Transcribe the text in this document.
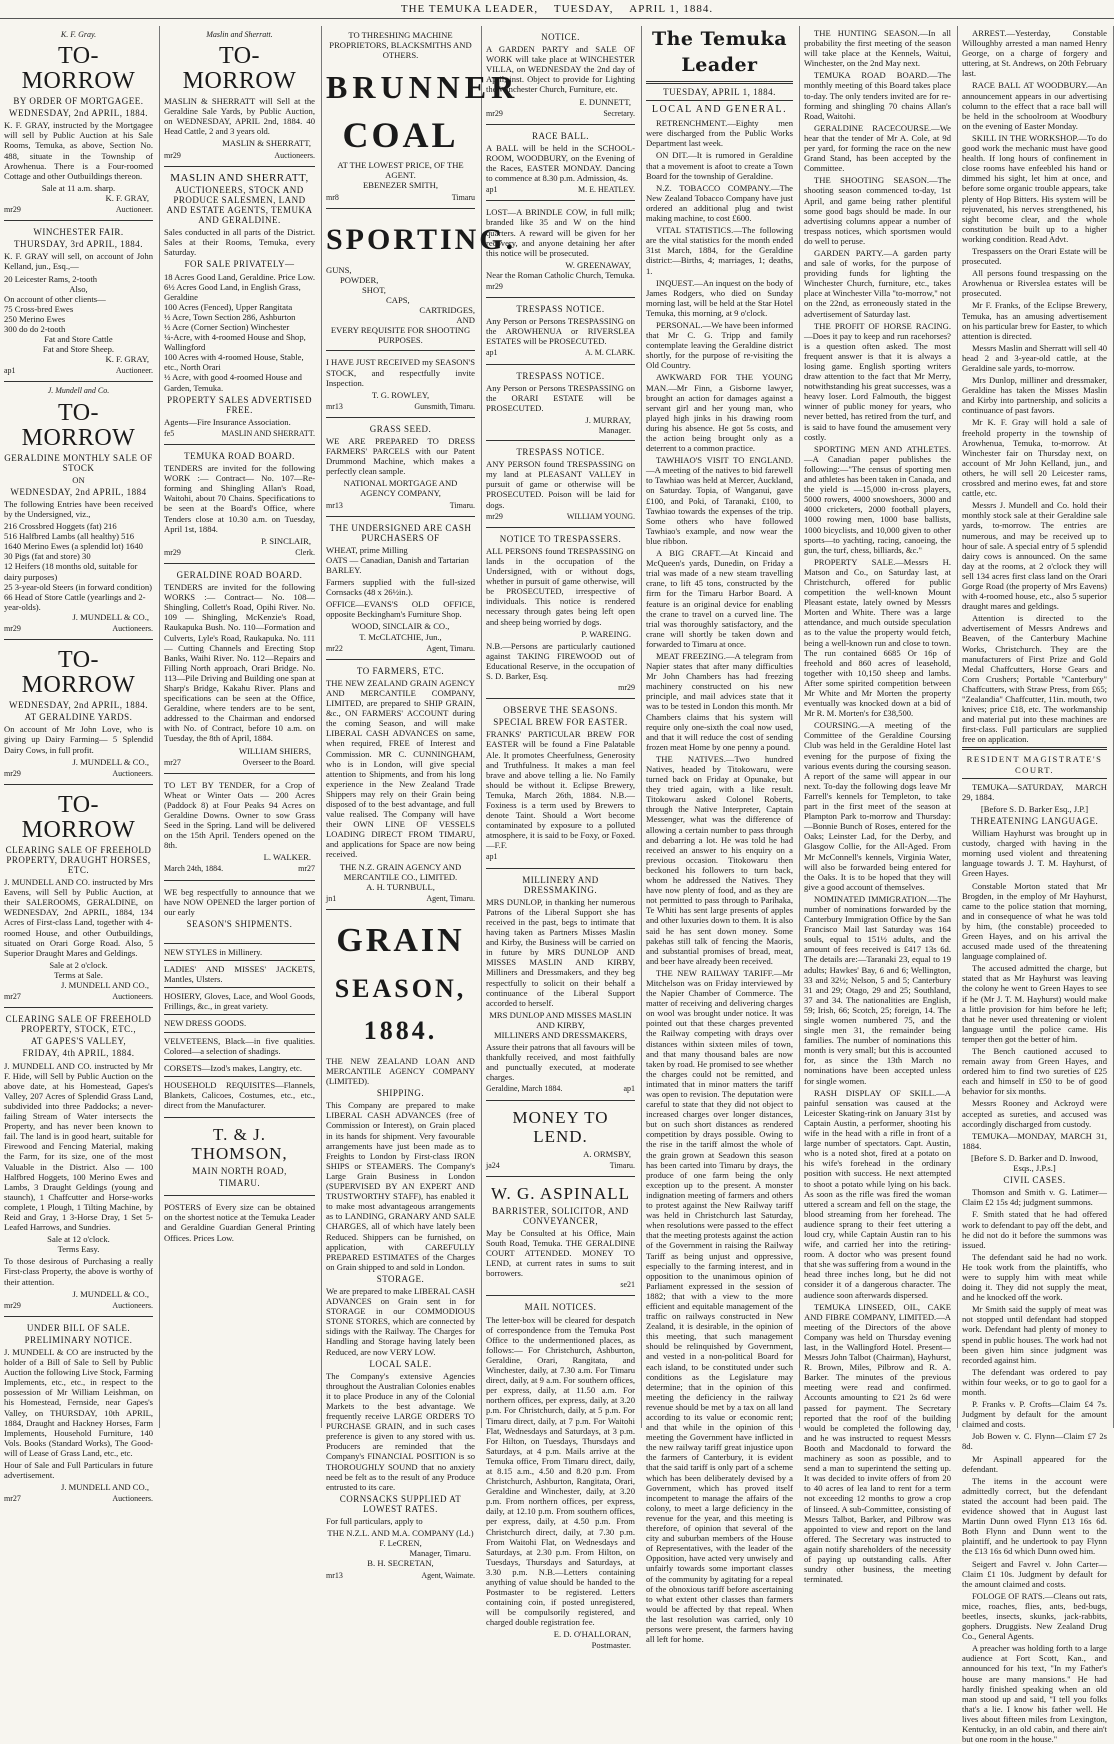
THE TEMUKA LEADER, TUESDAY, APRIL 1, 1884.
K. F. Gray.
TO-MORROW
BY ORDER OF MORTGAGEE.
WEDNESDAY, 2nd APRIL, 1884.

K. F. GRAY, instructed by the Mortgagee will sell by Public Auction at his Sale Rooms, Temuka, as above, Section No. 488, situate in the Township of Arowhenua. There is a Four-roomed Cottage and other Outbuildings thereon.

Sale at 11 a.m. sharp.
K. F. GRAY,
mr29	Auctioneer.
WINCHESTER FAIR.
THURSDAY, 3rd APRIL, 1884.

K. F. GRAY will sell, on account of John Kelland, jun., Esq.,—

20 Leicester Rams, 2-tooth
Also,
On account of other clients—
75 Cross-bred Ewes
250 Merino Ewes
300 do do 2-tooth
Fat and Store Cattle
Fat and Store Sheep.
K. F. GRAY,
ap1	Auctioneer.
J. Mundell and Co.
TO-MORROW
GERALDINE MONTHLY SALE OF STOCK
ON
WEDNESDAY, 2nd APRIL, 1884

The following Entries have been received by the Undersigned, viz.,

216 Crossbred Hoggets (fat) 216
516 Halfbred Lambs (all healthy) 516
1640 Merino Ewes (a splendid lot) 1640
30 Pigs (fat and store) 30
12 Heifers (18 months old, suitable for dairy purposes)
25 3-year-old Steers (in forward condition)
66 Head of Store Cattle (yearlings and 2-year-olds).
J. MUNDELL & CO.,
mr29	Auctioneers.
TO-MORROW
WEDNESDAY, 2nd APRIL, 1884.
AT GERALDINE YARDS.

On account of Mr John Love, who is giving up Dairy Farming— 5 Splendid Dairy Cows, in full profit.

J. MUNDELL & CO.,
mr29	Auctioneers.
TO-MORROW
CLEARING SALE OF FREEHOLD PROPERTY, DRAUGHT HORSES, ETC.

J. MUNDELL AND CO. instructed by Mrs Eavens, will Sell by Public Auction, at their SALEROOMS, GERALDINE, on WEDNESDAY, 2nd APRIL, 1884, 134 Acres of First-class Land, together with 4-roomed House, and other Outbuildings, situated on Orari Gorge Road. Also, 5 Superior Draught Mares and Geldings.

Sale at 2 o'clock.
Terms at Sale.
J. MUNDELL AND CO.,
mr27	Auctioneers.
CLEARING SALE OF FREEHOLD PROPERTY, STOCK, ETC.,
AT GAPES'S VALLEY,
FRIDAY, 4th APRIL, 1884.

J. MUNDELL AND CO. instructed by Mr F. Hide, will Sell by Public Auction on the above date, at his Homestead, Gapes's Valley, 207 Acres of Splendid Grass Land, subdivided into three Paddocks; a never-failing Stream of Water intersects the Property, and has never been known to fail. The land is in good heart, suitable for Firewood and Fencing Material, making the Farm, for its size, one of the most Valuable in the District. Also — 100 Halfbred Hoggets, 100 Merino Ewes and Lambs, 3 Draught Geldings (young and staunch), 1 Chaffcutter and Horse-works complete, 1 Plough, 1 Tilting Machine, by Reid and Gray, 1 3-Horse Dray, 1 Set 5-Leafed Harrows, and Sundries.

Sale at 12 o'clock.
Terms Easy.

To those desirous of Purchasing a really First-class Property, the above is worthy of their attention.

J. MUNDELL & CO.,
mr29	Auctioneers.
UNDER BILL OF SALE.
PRELIMINARY NOTICE.

J. MUNDELL & CO are instructed by the holder of a Bill of Sale to Sell by Public Auction the following Live Stock, Farming Implements, etc., etc., in respect to the possession of Mr William Leishman, on his Homestead, Fernside, near Gapes's Valley, on THURSDAY, 10th APRIL, 1884, Draught and Hackney Horses, Farm Implements, Household Furniture, 140 Vols. Books (Standard Works), The Good-will of Lease of Grass Land, etc., etc.

Hour of Sale and Full Particulars in future advertisement.

J. MUNDELL AND CO.,
mr27	Auctioneers.
Maslin and Sherratt.
TO-MORROW

MASLIN & SHERRATT will Sell at the Geraldine Sale Yards, by Public Auction, on WEDNESDAY, APRIL 2nd, 1884. 40 Head Cattle, 2 and 3 years old.

MASLIN & SHERRATT,
mr29	Auctioneers.
MASLIN AND SHERRATT,
AUCTIONEERS, STOCK AND PRODUCE SALESMEN, LAND AND ESTATE AGENTS, TEMUKA AND GERALDINE.

Sales conducted in all parts of the District. Sales at their Rooms, Temuka, every Saturday.

FOR SALE PRIVATELY—
18 Acres Good Land, Geraldine. Price Low.
6½ Acres Good Land, in English Grass, Geraldine
100 Acres (Fenced), Upper Rangitata
½ Acre, Town Section 286, Ashburton
½ Acre (Corner Section) Winchester
¼-Acre, with 4-roomed House and Shop, Wallingford
100 Acres with 4-roomed House, Stable, etc., North Orari
½ Acre, with good 4-roomed House and Garden, Temuka.
PROPERTY SALES ADVERTISED FREE.
Agents—Fire Insurance Association.
fe5	MASLIN AND SHERRATT.
TEMUKA ROAD BOARD.

TENDERS are invited for the following WORK :— Contract— No. 107—Re-forming and Shingling Allan's Road, Waitohi, about 70 Chains. Specifications to be seen at the Board's Office, where Tenders close at 10.30 a.m. on Tuesday, April 1st, 1884.

P. SINCLAIR,
mr29	Clerk.
GERALDINE ROAD BOARD.

TENDERS are invited for the following WORKS :— Contract— No. 108—Shingling, Collett's Road, Opihi River. No. 109 — Shingling, McKenzie's Road, Raukapuka Bush. No. 110—Formation and Culverts, Lyle's Road, Raukapuka. No. 111 — Cutting Channels and Erecting Stop Banks, Waihi River. No. 112—Repairs and Filling North approach, Orari Bridge. No. 113—Pile Driving and Building one span at Sharp's Bridge, Kakahu River. Plans and specifications can be seen at the Office, Geraldine, where tenders are to be sent, addressed to the Chairman and endorsed with No. of Contract, before 10 a.m. on Tuesday, the 8th of April, 1884.

WILLIAM SHIERS,
mr27	Overseer to the Board.

TO LET BY TENDER, for a Crop of Wheat or Winter Oats — 200 Acres (Paddock 8) at Four Peaks 94 Acres on Geraldine Downs. Owner to sow Grass Seed in the Spring. Land will be delivered on the 15th April. Tenders opened on the 8th.

L. WALKER.
March 24th, 1884.	mr27

WE beg respectfully to announce that we have NOW OPENED the larger portion of our early

SEASON'S SHIPMENTS.

NEW STYLES in Millinery.

LADIES' AND MISSES' JACKETS, Mantles, Ulsters.

HOSIERY, Gloves, Lace, and Wool Goods, Frillings, &c., in great variety.

NEW DRESS GOODS.

VELVETEENS, Black—in five qualities. Colored—a selection of shadings.

CORSETS—Izod's makes, Langtry, etc.

HOUSEHOLD REQUISITES—Flannels, Blankets, Calicoes, Costumes, etc., etc., direct from the Manufacturer.

T. & J. THOMSON,
MAIN NORTH ROAD,
TIMARU.

POSTERS of Every size can be obtained on the shortest notice at the Temuka Leader and Geraldine Guardian General Printing Offices. Prices Low.

TO THRESHING MACHINE PROPRIETORS, BLACKSMITHS AND OTHERS.
BRUNNER
COAL
AT THE LOWEST PRICE, OF THE AGENT.
EBENEZER SMITH,
mr8	Timaru
SPORTING.
GUNS,
POWDER,
SHOT,
CAPS,
CARTRIDGES,
AND
EVERY REQUISITE FOR SHOOTING PURPOSES.

I HAVE JUST RECEIVED my SEASON'S STOCK, and respectfully invite Inspection.

T. G. ROWLEY,
mr13	Gunsmith, Timaru.
GRASS SEED.

WE ARE PREPARED TO DRESS FARMERS' PARCELS with our Patent Drummond Machine, which makes a perfectly clean sample.

NATIONAL MORTGAGE AND AGENCY COMPANY,
mr13	Timaru.
THE UNDERSIGNED ARE CASH PURCHASERS OF
WHEAT, prime Milling
OATS — Canadian, Danish and Tartarian
BARLEY.

Farmers supplied with the full-sized Cornsacks (48 x 26½in.).

OFFICE—EVANS'S OLD OFFICE, opposite Beckingham's Furniture Shop.

WOOD, SINCLAIR & CO.,
T. McCLATCHIE, Jun.,
mr22	Agent, Timaru.
TO FARMERS, ETC.

THE NEW ZEALAND GRAIN AGENCY AND MERCANTILE COMPANY, LIMITED, are prepared to SHIP GRAIN, &c., ON FARMERS' ACCOUNT during the coming Season, and will make LIBERAL CASH ADVANCES on same, when required, FREE of Interest and Commission. MR C. CUNNINGHAM, who is in London, will give special attention to Shipments, and from his long experience in the New Zealand Trade Shippers may rely on their Grain being disposed of to the best advantage, and full value realised. The Company will have their OWN LINE OF VESSELS LOADING DIRECT FROM TIMARU, and applications for Space are now being received.

THE N.Z. GRAIN AGENCY AND MERCANTILE CO., LIMITED.
A. H. TURNBULL,
jn1	Agent, Timaru.
GRAIN
SEASON, 1884.

THE NEW ZEALAND LOAN AND MERCANTILE AGENCY COMPANY (LIMITED).

SHIPPING.

This Company are prepared to make LIBERAL CASH ADVANCES (free of Commission or Interest), on Grain placed in its hands for shipment. Very favourable arrangements have just been made as to Freights to London by First-class IRON SHIPS or STEAMERS. The Company's Large Grain Business in London (SUPERVISED BY AN EXPERT AND TRUSTWORTHY STAFF), has enabled it to make most advantageous arrangements as to LANDING, GRANARY AND SALE CHARGES, all of which have lately been Reduced. Shippers can be furnished, on application, with CAREFULLY PREPARED ESTIMATES of the Charges on Grain shipped to and sold in London.

STORAGE.

We are prepared to make LIBERAL CASH ADVANCES on Grain sent in for STORAGE in our COMMODIOUS STONE STORES, which are connected by sidings with the Railway. The Charges for Handling and Storage having lately been Reduced, are now VERY LOW.

LOCAL SALE.

The Company's extensive Agencies throughout the Australian Colonies enables it to place Produce in any of the Colonial Markets to the best advantage. We frequently receive LARGE ORDERS TO PURCHASE GRAIN, and in such cases preference is given to any stored with us. Producers are reminded that the Company's FINANCIAL POSITION is so THOROUGHLY SOUND that no anxiety need be felt as to the result of any Produce entrusted to its care.

CORNSACKS SUPPLIED AT LOWEST RATES.

For full particulars, apply to

THE N.Z.L. AND M.A. COMPANY (Ld.)
F. LeCREN,
Manager, Timaru.
B. H. SECRETAN,
mr13	Agent, Waimate.
NOTICE.

A GARDEN PARTY and SALE OF WORK will take place at WINCHESTER VILLA, on WEDNESDAY the 2nd day of April, inst. Object to provide for Lighting the Winchester Church, Furniture, etc.

E. DUNNETT,
mr29	Secretary.
RACE BALL.

A BALL will be held in the SCHOOL-ROOM, WOODBURY, on the Evening of the Races, EASTER MONDAY. Dancing to commence at 8.30 p.m. Admission, 4s.

ap1	M. E. HEATLEY.

LOST—A BRINDLE COW, in full milk; branded like 35 and W on the hind quarters. A reward will be given for her recovery, and anyone detaining her after this notice will be prosecuted.

W. GREENAWAY,
Near the Roman Catholic Church, Temuka.
mr29
TRESPASS NOTICE.

Any Person or Persons TRESPASSING on the AROWHENUA or RIVERSLEA ESTATES will be PROSECUTED.

ap1	A. M. CLARK.
TRESPASS NOTICE.

Any Person or Persons TRESPASSING on the ORARI ESTATE will be PROSECUTED.

J. MURRAY,
Manager.
TRESPASS NOTICE.

ANY PERSON found TRESPASSING on my land at PLEASANT VALLEY in pursuit of game or otherwise will be PROSECUTED. Poison will be laid for dogs.

mr29	WILLIAM YOUNG.
NOTICE TO TRESPASSERS.

ALL PERSONS found TRESPASSING on lands in the occupation of the Undersigned, with or without dogs, whether in pursuit of game otherwise, will be PROSECUTED, irrespective of individuals. This notice is rendered necessary through gates being left open and sheep being worried by dogs.

P. WAREING.

N.B.—Persons are particularly cautioned against TAKING FIREWOOD out of Educational Reserve, in the occupation of S. D. Barker, Esq.

mr29
OBSERVE THE SEASONS.
SPECIAL BREW FOR EASTER.

FRANKS' PARTICULAR BREW FOR EASTER will be found a Fine Palatable Ale. It promotes Cheerfulness, Generosity and Truthfulness. It makes a man feel brave and above telling a lie. No Family should be without it. Eclipse Brewery, Temuka, March 26th, 1884. N.B.—Foxiness is a term used by Brewers to denote Taint. Should a Wort become contaminated by exposure to a polluted atmosphere, it is said to be Foxy, or Foxed.—F.F.

ap1
MILLINERY AND DRESSMAKING.

MRS DUNLOP, in thanking her numerous Patrons of the Liberal Support she has received in the past, begs to intimate that having taken as Partners Misses Maslin and Kirby, the Business will be carried on in future by MRS DUNLOP AND MISSES MASLIN AND KIRBY, Milliners and Dressmakers, and they beg respectfully to solicit on their behalf a continuance of the Liberal Support accorded to herself.

MRS DUNLOP AND MISSES MASLIN AND KIRBY,
MILLINERS AND DRESSMAKERS,

Assure their patrons that all favours will be thankfully received, and most faithfully and punctually executed, at moderate charges.

Geraldine, March 1884.	ap1
MONEY TO LEND.
A. ORMSBY,
ja24	Timaru.
W. G. ASPINALL
BARRISTER, SOLICITOR, AND CONVEYANCER,

May be Consulted at his Office, Main South Road, Temuka. THE GERALDINE COURT ATTENDED. MONEY TO LEND, at current rates in sums to suit borrowers.

se21
MAIL NOTICES.

The letter-box will be cleared for despatch of correspondence from the Temuka Post Office to the undermentioned places, as follows:— For Christchurch, Ashburton, Geraldine, Orari, Rangitata, and Winchester, daily, at 7.30 a.m. For Timaru direct, daily, at 9 a.m. For southern offices, per express, daily, at 11.50 a.m. For northern offices, per express, daily, at 3.20 p.m. For Christchurch, daily, at 5 p.m. For Timaru direct, daily, at 7 p.m. For Waitohi Flat, Wednesdays and Saturdays, at 3 p.m. For Hilton, on Tuesdays, Thursdays and Saturdays, at 4 p.m. Mails arrive at the Temuka office, From Timaru direct, daily, at 8.15 a.m., 4.50 and 8.20 p.m. From Christchurch, Ashburton, Rangitata, Orari, Geraldine and Winchester, daily, at 3.20 p.m. From northern offices, per express, daily, at 12.10 p.m. From southern offices, per express, daily, at 4.50 p.m. From Christchurch direct, daily, at 7.30 p.m. From Waitohi Flat, on Wednesdays and Saturdays, at 2.30 p.m. From Hilton, on Tuesdays, Thursdays and Saturdays, at 3.30 p.m. N.B.—Letters containing anything of value should be handed to the Postmaster to be registered. Letters containing coin, if posted unregistered, will be compulsorily registered, and charged double registration fee.

E. D. O'HALLORAN,
Postmaster.
The Temuka Leader
TUESDAY, APRIL 1, 1884.
LOCAL AND GENERAL.

RETRENCHMENT.—Eighty men were discharged from the Public Works Department last week.

ON DIT.—It is rumored in Geraldine that a movement is afoot to create a Town Board for the township of Geraldine.

N.Z. TOBACCO COMPANY.—The New Zealand Tobacco Company have just ordered an additional plug and twist making machine, to cost £600.

VITAL STATISTICS.—The following are the vital statistics for the month ended 31st March, 1884, for the Geraldine district:—Births, 4; marriages, 1; deaths, 1.

INQUEST.—An inquest on the body of James Rodgers, who died on Sunday morning last, will be held at the Star Hotel Temuka, this morning, at 9 o'clock.

PERSONAL.—We have been informed that Mr C. G. Tripp and family contemplate leaving the Geraldine district shortly, for the purpose of re-visiting the Old Country.

AWKWARD FOR THE YOUNG MAN.—Mr Finn, a Gisborne lawyer, brought an action for damages against a servant girl and her young man, who played high jinks in his drawing room during his absence. He got 5s costs, and the action being brought only as a deterrent to a common practice.

TAWHIAO'S VISIT TO ENGLAND.—A meeting of the natives to bid farewell to Tawhiao was held at Mercer, Auckland, on Saturday. Topia, of Wanganui, gave £100, and Poki, of Taranaki, £100, to Tawhiao towards the expenses of the trip. Some others who have followed Tawhiao's example, and now wear the blue ribbon.

A BIG CRAFT.—At Kincaid and McQueen's yards, Dunedin, on Friday a trial was made of a new steam travelling crane, to lift 45 tons, constructed by the firm for the Timaru Harbor Board. A feature is an original device for enabling the crane to travel on a curved line. The trial was thoroughly satisfactory, and the crane will shortly be taken down and forwarded to Timaru at once.

MEAT FREEZING.—A telegram from Napier states that after many difficulties Mr John Chambers has had freezing machinery constructed on his new principle, and mail advices state that it was to be tested in London this month. Mr Chambers claims that his system will require only one-sixth the coal now used, and that it will reduce the cost of sending frozen meat Home by one penny a pound.

THE NATIVES.—Two hundred Natives, headed by Titokowaru, were turned back on Friday at Opunake, but they tried again, with a like result. Titokowaru asked Colonel Roberts, through the Native Interpreter, Captain Messenger, what was the difference of allowing a certain number to pass through and debarring a lot. He was told he had received an answer to his enquiry on a previous occasion. Titokowaru then beckoned his followers to turn back, whom he addressed the Natives. They have now plenty of food, and as they are not permitted to pass through to Parihaka, Te Whiti has sent large presents of apples and other luxuries down to them. It is also said he has sent down money. Some pakehas still talk of fencing the Maoris, and substantial promises of bread, meat, and beer have already been received.

THE NEW RAILWAY TARIFF.—Mr Mitchelson was on Friday interviewed by the Napier Chamber of Commerce. The matter of receiving and delivering charges on wool was brought under notice. It was pointed out that these charges prevented the Railway competing with drays over distances within sixteen miles of town, and that many thousand bales are now taken by road. He promised to see whether the charges could not be remitted, and intimated that in minor matters the tariff was open to revision. The deputation were careful to state that they did not object to increased charges over longer distances, but on such short distances as rendered competition by drays possible. Owing to the rise in the tariff almost the whole of the grain grown at Seadown this season has been carted into Timaru by drays, the produce of one farm being the only exception up to the present. A monster indignation meeting of farmers and others to protest against the New Railway tariff was held in Christchurch last Saturday, when resolutions were passed to the effect that the meeting protests against the action of the Government in raising the Railway Tariff as being unjust and oppressive, especially to the farming interest, and in opposition to the unanimous opinion of Parliament expressed in the session of 1882; that with a view to the more efficient and equitable management of the traffic on railways constructed in New Zealand, it is desirable, in the opinion of this meeting, that such management should be relinquished by Government, and vested in a non-political Board for each island, to be constituted under such conditions as the Legislature may determine; that in the opinion of this meeting the deficiency in the railway revenue should be met by a tax on all land according to its value or economic rent; and that while in the opinion of this meeting the Government have inflicted in the new railway tariff great injustice upon the farmers of Canterbury, it is evident that the said tariff is only part of a scheme which has been deliberately devised by a Government, which has proved itself incompetent to manage the affairs of the colony, to meet a large deficiency in the revenue for the year, and this meeting is therefore, of opinion that several of the city and suburban members of the House of Representatives, with the leader of the Opposition, have acted very unwisely and unfairly towards some important classes of the community by agitating for a repeal of the obnoxious tariff before ascertaining to what extent other classes than farmers would be affected by that repeal. When the last resolution was carried, only 10 persons were present, the farmers having all left for home.

THE HUNTING SEASON.—In all probability the first meeting of the season will take place at the Kennels, Waitui, Winchester, on the 2nd May next.

TEMUKA ROAD BOARD.—The monthly meeting of this Board takes place to-day. The only tenders invited are for re-forming and shingling 70 chains Allan's Road, Waitohi.

GERALDINE RACECOURSE.—We hear that the tender of Mr A. Cole, at 9d per yard, for forming the race on the new Grand Stand, has been accepted by the Committee.

THE SHOOTING SEASON.—The shooting season commenced to-day, 1st April, and game being rather plentiful some good bags should be made. In our advertising columns appear a number of trespass notices, which sportsmen would do well to peruse.

GARDEN PARTY.—A garden party and sale of works, for the purpose of providing funds for lighting the Winchester Church, furniture, etc., takes place at Winchester Villa "to-morrow," not on the 22nd, as erroneously stated in the advertisement of Saturday last.

THE PROFIT OF HORSE RACING.—Does it pay to keep and run racehorses? is a question often asked. The most frequent answer is that it is always a losing game. English sporting writers draw attention to the fact that Mr Merry, notwithstanding his great successes, was a heavy loser. Lord Falmouth, the biggest winner of public money for years, who never betted, has retired from the turf, and is said to have found the amusement very costly.

SPORTING MEN AND ATHLETES.—A Canadian paper publishes the following:—"The census of sporting men and athletes has been taken in Canada, and the yield is —15,000 in-cross players, 5000 rowers, 4000 snowshoers, 3000 and 4000 cricketers, 2000 football players, 1000 rowing men, 1000 base ballists, 1000 bicyclists, and 10,000 given to other sports—to yachting, racing, canoeing, the gun, the turf, chess, billiards, &c."

PROPERTY SALE.—Messrs H. Matson and Co., on Saturday last, at Christchurch, offered for public competition the well-known Mount Pleasant estate, lately owned by Messrs Morten and White. There was a large attendance, and much outside speculation as to the value the property would fetch, being a well-known run and close to town. The run contained 6685 Or 16p of freehold and 860 acres of leasehold, together with 10,150 sheep and lambs. After some spirited competition between Mr White and Mr Morten the property eventually was knocked down at a bid of Mr R. M. Morten's for £38,500.

COURSING.—A meeting of the Committee of the Geraldine Coursing Club was held in the Geraldine Hotel last evening for the purpose of fixing the various events during the coursing season. A report of the same will appear in our next. To-day the following dogs leave Mr Farrell's kennels for Templeton, to take part in the first meet of the season at Plampton Park to-morrow and Thursday:—Bonnie Bunch of Roses, entered for the Oaks; Leinster Lad, for the Derby, and Glasgow Collie, for the All-Aged. From Mr McConnell's kennels, Virginia Water, will also be forwarded being entered for the Oaks. It is to be hoped that they will give a good account of themselves.

NOMINATED IMMIGRATION.—The number of nominations forwarded by the Canterbury Immigration Office by the San Francisco Mail last Saturday was 164 souls, equal to 151½ adults, and the amount of fees received is £417 13s 6d. The details are:—Taranaki 23, equal to 19 adults; Hawkes' Bay, 6 and 6; Wellington, 33 and 32½; Nelson, 5 and 5; Canterbury 31 and 29; Otago, 29 and 25; Southland, 37 and 34. The nationalities are English, 59; Irish, 66; Scotch, 25; foreign, 14. The single women numbered 75, and the single men 31, the remainder being families. The number of nominations this month is very small; but this is accounted for, as since the 13th March no nominations have been accepted unless for single women.

RASH DISPLAY OF SKILL.—A painful sensation was caused at the Leicester Skating-rink on January 31st by Captain Austin, a performer, shooting his wife in the head with a rifle in front of a large number of spectators. Capt. Austin, who is a noted shot, fired at a potato on his wife's forehead in the ordinary position with success. He next attempted to shoot a potato while lying on his back. As soon as the rifle was fired the woman uttered a scream and fell on the stage, the blood streaming from her forehead. The audience sprang to their feet uttering a loud cry, while Captain Austin ran to his wife, and carried her into the retiring-room. A doctor who was present found that she was suffering from a wound in the head three inches long, but he did not consider it of a dangerous character. The audience soon afterwards dispersed.

TEMUKA LINSEED, OIL, CAKE AND FIBRE COMPANY, LIMITED.—A meeting of the Directors of the above Company was held on Thursday evening last, in the Wallingford Hotel. Present—Messrs John Talbot (Chairman), Hayhurst, R. Brown, Miles, Pilbrow and R. A. Barker. The minutes of the previous meeting were read and confirmed. Accounts amounting to £21 2s 6d were passed for payment. The Secretary reported that the roof of the building would be completed the following day, and he was instructed to request Messrs Booth and Macdonald to forward the machinery as soon as possible, and to send a man to superintend the setting up. It was decided to invite offers of from 20 to 40 acres of lea land to rent for a term not exceeding 12 months to grow a crop of linseed. A sub-Committee, consisting of Messrs Talbot, Barker, and Pilbrow was appointed to view and report on the land offered. The Secretary was instructed to again notify shareholders of the necessity of paying up outstanding calls. After sundry other business, the meeting terminated.

ARREST.—Yesterday, Constable Willoughby arrested a man named Henry George, on a charge of forgery and uttering, at St. Andrews, on 20th February last.

RACE BALL AT WOODBURY.—An announcement appears in our advertising column to the effect that a race ball will be held in the schoolroom at Woodbury on the evening of Easter Monday.

SKILL IN THE WORKSHOP.—To do good work the mechanic must have good health. If long hours of confinement in close rooms have enfeebled his hand or dimmed his sight, let him at once, and before some organic trouble appears, take plenty of Hop Bitters. His system will be rejuvenated, his nerves strengthened, his sight become clear, and the whole constitution be built up to a higher working condition. Read Advt.

Trespassers on the Orari Estate will be prosecuted.

All persons found trespassing on the Arowhenua or Riverslea estates will be prosecuted.

Mr F. Franks, of the Eclipse Brewery, Temuka, has an amusing advertisement on his particular brew for Easter, to which attention is directed.

Messrs Maslin and Sherratt will sell 40 head 2 and 3-year-old cattle, at the Geraldine sale yards, to-morrow.

Mrs Dunlop, milliner and dressmaker, Geraldine has taken the Misses Maslin and Kirby into partnership, and solicits a continuance of past favors.

Mr K. F. Gray will hold a sale of freehold property in the township of Arowhenua, Temuka, to-morrow. At Winchester fair on Thursday next, on account of Mr John Kelland, jun., and others, he will sell 20 Leicester rams, crossbred and merino ewes, fat and store cattle, etc.

Messrs J. Mundell and Co. hold their monthly stock sale at their Geraldine sale yards, to-morrow. The entries are numerous, and may be received up to hour of sale. A special entry of 5 splendid dairy cows is announced. On the same day at the rooms, at 2 o'clock they will sell 134 acres first class land on the Orari Gorge Road (the property of Mrs Eavens) with 4-roomed house, etc., also 5 superior draught mares and geldings.

Attention is directed to the advertisement of Messrs Andrews and Beaven, of the Canterbury Machine Works, Christchurch. They are the manufacturers of First Prize and Gold Medal Chaffcutters, Horse Gears and Corn Crushers; Portable "Canterbury" Chaffcutters, with Straw Press, from £65; "Zealandia" Chaffcutter, 11in. mouth, two knives; price £18, etc. The workmanship and material put into these machines are first-class. Full particulars are supplied free on application.

RESIDENT MAGISTRATE'S COURT.

TEMUKA—SATURDAY, MARCH 29, 1884.

[Before S. D. Barker Esq., J.P.]
THREATENING LANGUAGE.

William Hayhurst was brought up in custody, charged with having in the morning used violent and threatening language towards J. T. M. Hayhurst, of Green Hayes.

Constable Morton stated that Mr Brogden, in the employ of Mr Hayhurst, came to the police station that morning, and in consequence of what he was told by him, (the constable) proceeded to Green Hayes, and on his arrival the accused made used of the threatening language complained of.

The accused admitted the charge, but stated that as Mr Hayhurst was leaving the colony he went to Green Hayes to see if he (Mr J. T. M. Hayhurst) would make a little provision for him before he left; that he never used threatening or violent language until the police came. His temper then got the better of him.

The Bench cautioned accused to remain away from Green Hayes, and ordered him to find two sureties of £25 each and himself in £50 to be of good behavior for six months.

Messrs Rooney and Ackroyd were accepted as sureties, and accused was accordingly discharged from custody.

TEMUKA—MONDAY, MARCH 31, 1884.

[Before S. D. Barker and D. Inwood, Esqs., J.P.s.]
CIVIL CASES.

Thomson and Smith v. G. Latimer—Claim £2 15s 4d; judgment summons.

F. Smith stated that he had offered work to defendant to pay off the debt, and he did not do it before the summons was issued.

The defendant said he had no work. He took work from the plaintiffs, who were to supply him with meat while doing it. They did not supply the meat, and he knocked off the work.

Mr Smith said the supply of meat was not stopped until defendant had stopped work. Defendant had plenty of money to spend in public houses. The work had not been given him since judgment was recorded against him.

The defendant was ordered to pay within four weeks, or to go to gaol for a month.

P. Franks v. P. Crofts—Claim £4 7s. Judgment by default for the amount claimed and costs.

Job Bowen v. C. Flynn—Claim £7 2s 8d.

Mr Aspinall appeared for the defendant.

The items in the account were admittedly correct, but the defendant stated the account had been paid. The evidence showed that in August last Martin Dunn owed Flynn £13 16s 6d. Both Flynn and Dunn went to the plaintiff, and he undertook to pay Flynn the £13 16s 6d which Dunn owed him.

Seigert and Favrel v. John Carter—Claim £1 10s. Judgment by default for the amount claimed and costs.

FOLOGE OF RATS.—Cleans out rats, mice, roaches, flies, ants, bed-bugs, beetles, insects, skunks, jack-rabbits, gophers. Druggists. New Zealand Drug Co., General Agents.

A preacher was holding forth to a large audience at Fort Scott, Kan., and announced for his text, "In my Father's house are many mansions." He had hardly finished speaking when an old man stood up and said, "I tell you folks that's a lie. I know his father well. He lives about fifteen miles from Lexington, Kentucky, in an old cabin, and there ain't but one room in the house."
